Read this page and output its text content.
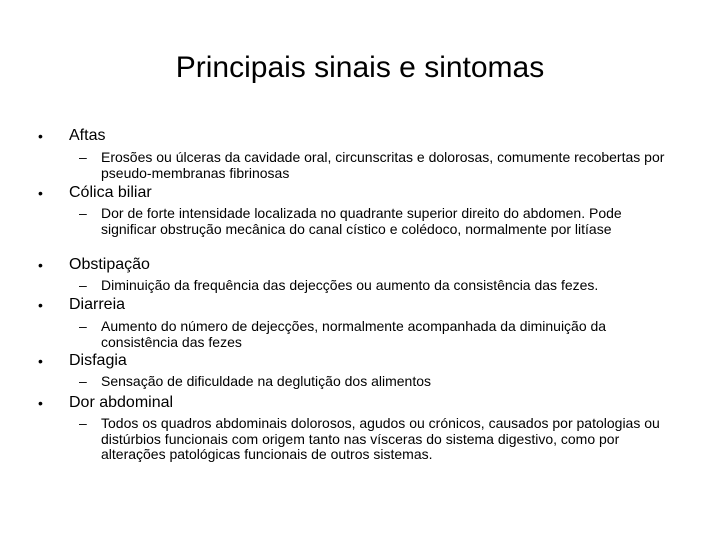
Principais sinais e sintomas
• Aftas
–	Erosões ou úlceras da cavidade oral, circunscritas e dolorosas, comumente recobertas por pseudo-membranas fibrinosas
• Cólica biliar
–	Dor de forte intensidade localizada no quadrante superior direito do abdomen. Pode significar obstrução mecânica do canal cístico e colédoco, normalmente por litíase
• Obstipação
–	Diminuição da frequência das dejecções ou aumento da consistência das fezes.
• Diarreia
–	Aumento do número de dejecções, normalmente acompanhada da diminuição da consistência das fezes
• Disfagia
–	Sensação de dificuldade na deglutição dos alimentos
• Dor abdominal
–	Todos os quadros abdominais dolorosos, agudos ou crónicos, causados por patologias ou distúrbios funcionais com origem tanto nas vísceras do sistema digestivo, como por alterações patológicas funcionais de outros sistemas.
